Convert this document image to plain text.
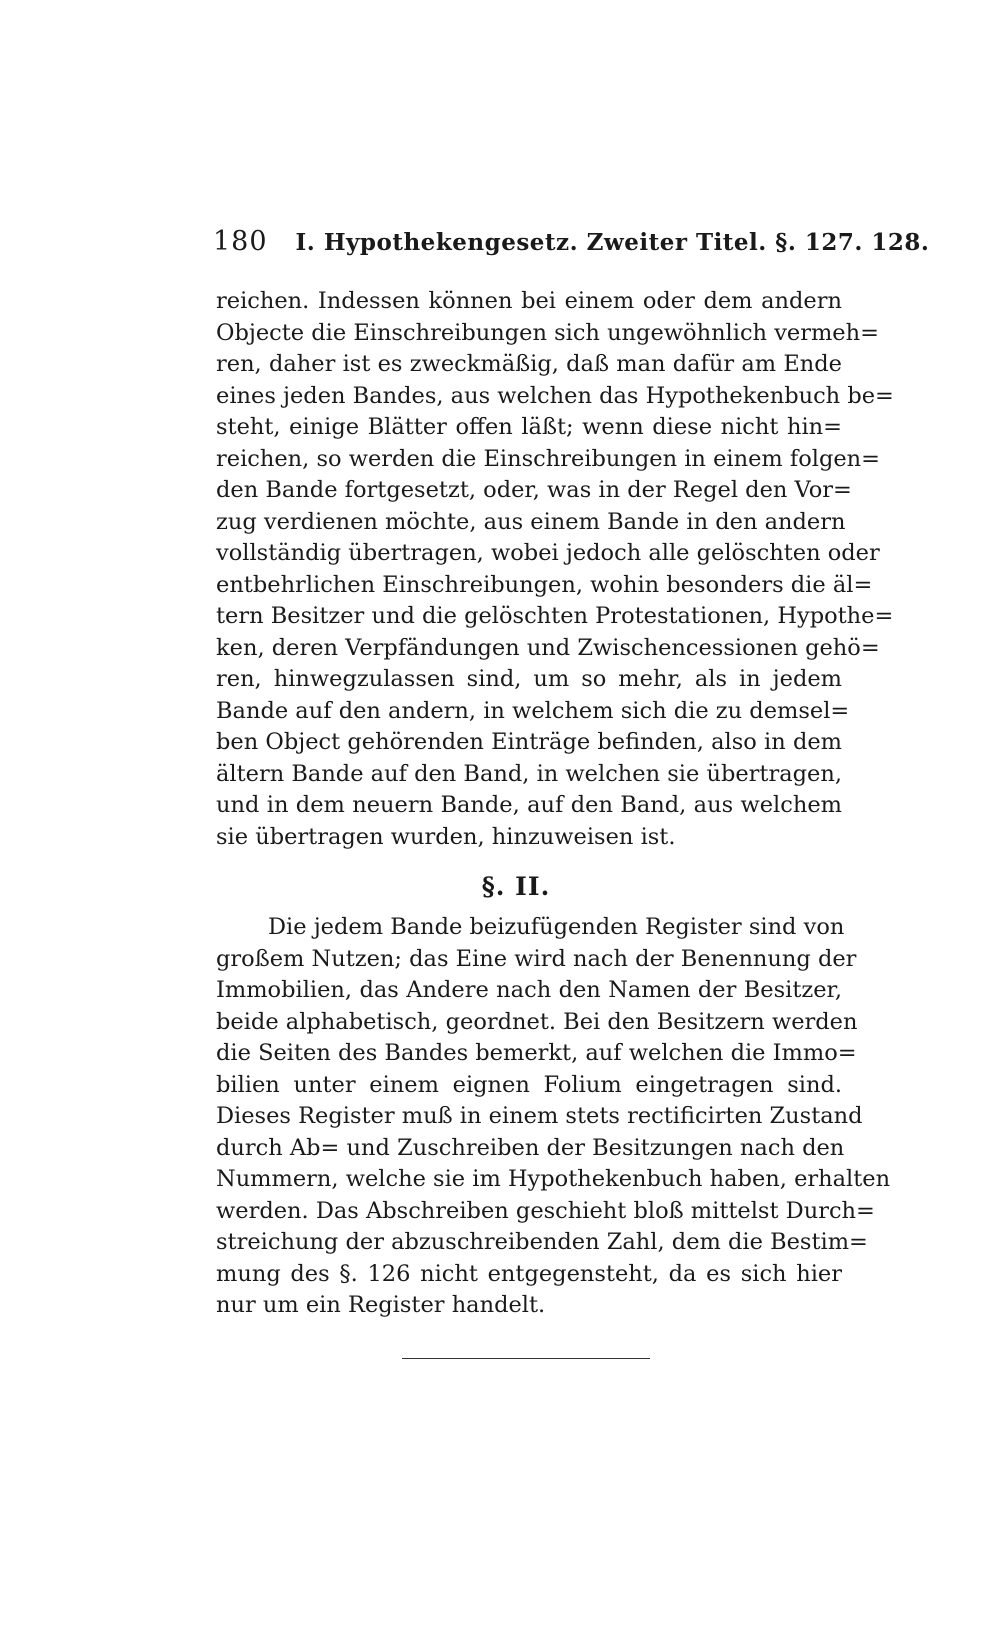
180 I. Hypothekengesetz. Zweiter Titel. §. 127. 128.
reichen. Indessen können bei einem oder dem andern
Objecte die Einschreibungen sich ungewöhnlich vermeh=
ren, daher ist es zweckmäßig, daß man dafür am Ende
eines jeden Bandes, aus welchen das Hypothekenbuch be=
steht, einige Blätter offen läßt; wenn diese nicht hin=
reichen, so werden die Einschreibungen in einem folgen=
den Bande fortgesetzt, oder, was in der Regel den Vor=
zug verdienen möchte, aus einem Bande in den andern
vollständig übertragen, wobei jedoch alle gelöschten oder
entbehrlichen Einschreibungen, wohin besonders die äl=
tern Besitzer und die gelöschten Protestationen, Hypothe=
ken, deren Verpfändungen und Zwischencessionen gehö=
ren, hinwegzulassen sind, um so mehr, als in jedem
Bande auf den andern, in welchem sich die zu demsel=
ben Object gehörenden Einträge befinden, also in dem
ältern Bande auf den Band, in welchen sie übertragen,
und in dem neuern Bande, auf den Band, aus welchem
sie übertragen wurden, hinzuweisen ist.
§. II.
Die jedem Bande beizufügenden Register sind von
großem Nutzen; das Eine wird nach der Benennung der
Immobilien, das Andere nach den Namen der Besitzer,
beide alphabetisch, geordnet. Bei den Besitzern werden
die Seiten des Bandes bemerkt, auf welchen die Immo=
bilien unter einem eignen Folium eingetragen sind.
Dieses Register muß in einem stets rectificirten Zustand
durch Ab= und Zuschreiben der Besitzungen nach den
Nummern, welche sie im Hypothekenbuch haben, erhalten
werden. Das Abschreiben geschieht bloß mittelst Durch=
streichung der abzuschreibenden Zahl, dem die Bestim=
mung des §. 126 nicht entgegensteht, da es sich hier
nur um ein Register handelt.
